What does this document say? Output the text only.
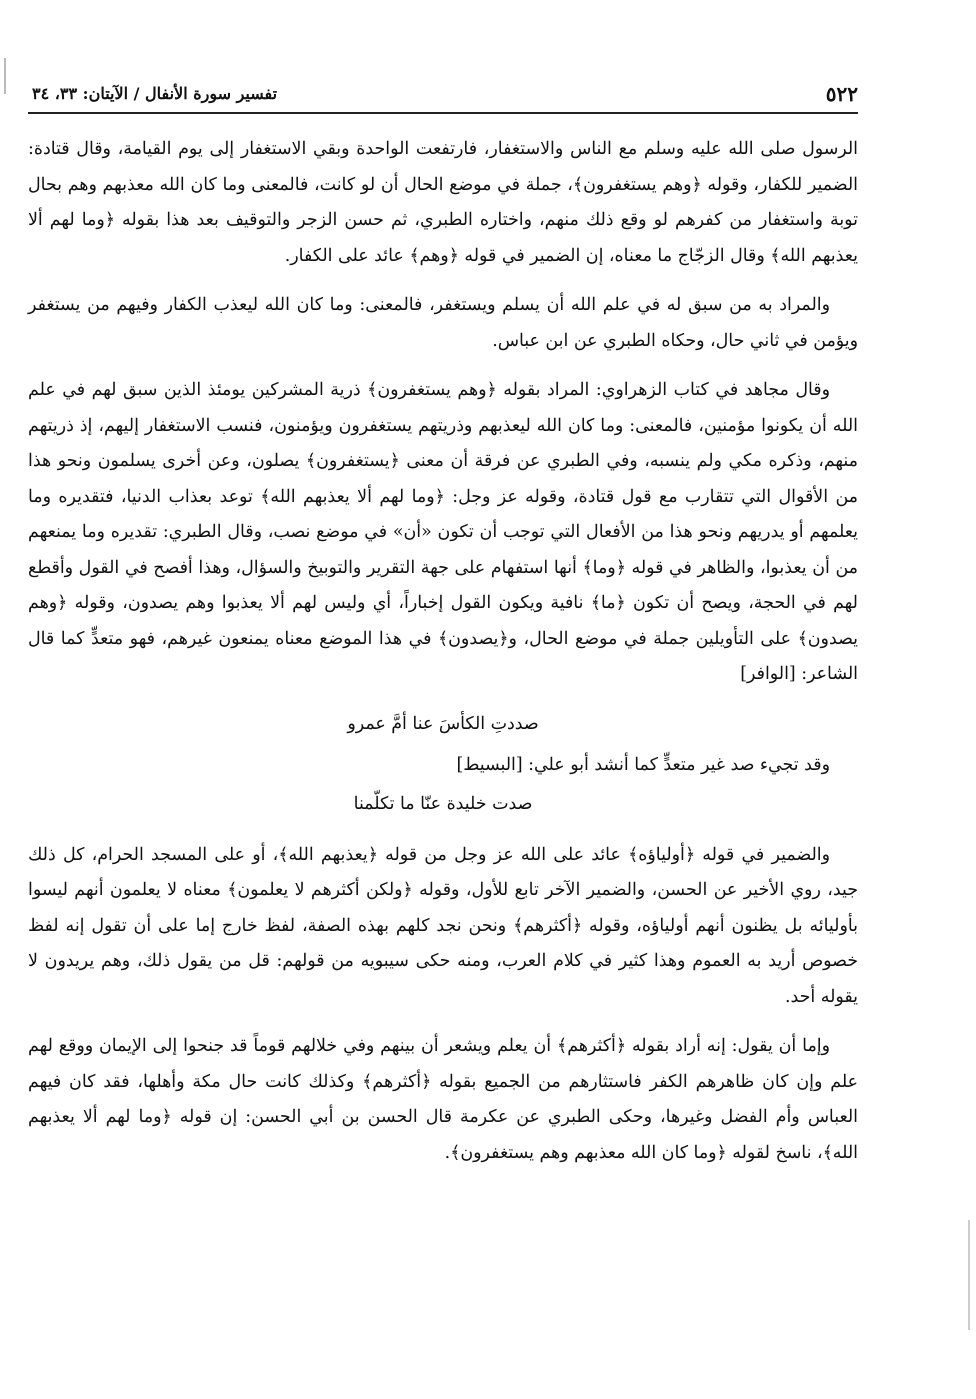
٥٢٢
تفسير سورة الأنفال / الآيتان: ٣٣، ٣٤

الرسول صلى الله عليه وسلم مع الناس والاستغفار، فارتفعت الواحدة وبقي الاستغفار إلى يوم القيامة، وقال قتادة: الضمير للكفار، وقوله ﴿وهم يستغفرون﴾، جملة في موضع الحال أن لو كانت، فالمعنى وما كان الله معذبهم وهم بحال توبة واستغفار من كفرهم لو وقع ذلك منهم، واختاره الطبري، ثم حسن الزجر والتوقيف بعد هذا بقوله ﴿وما لهم ألا يعذبهم الله﴾ وقال الزجّاج ما معناه، إن الضمير في قوله ﴿وهم﴾ عائد على الكفار.

والمراد به من سبق له في علم الله أن يسلم ويستغفر، فالمعنى: وما كان الله ليعذب الكفار وفيهم من يستغفر ويؤمن في ثاني حال، وحكاه الطبري عن ابن عباس.

وقال مجاهد في كتاب الزهراوي: المراد بقوله ﴿وهم يستغفرون﴾ ذرية المشركين يومئذ الذين سبق لهم في علم الله أن يكونوا مؤمنين، فالمعنى: وما كان الله ليعذبهم وذريتهم يستغفرون ويؤمنون، فنسب الاستغفار إليهم، إذ ذريتهم منهم، وذكره مكي ولم ينسبه، وفي الطبري عن فرقة أن معنى ﴿يستغفرون﴾ يصلون، وعن أخرى يسلمون ونحو هذا من الأقوال التي تتقارب مع قول قتادة، وقوله عز وجل: ﴿وما لهم ألا يعذبهم الله﴾ توعد بعذاب الدنيا، فتقديره وما يعلمهم أو يدريهم ونحو هذا من الأفعال التي توجب أن تكون «أن» في موضع نصب، وقال الطبري: تقديره وما يمنعهم من أن يعذبوا، والظاهر في قوله ﴿وما﴾ أنها استفهام على جهة التقرير والتوبيخ والسؤال، وهذا أفصح في القول وأقطع لهم في الحجة، ويصح أن تكون ﴿ما﴾ نافية ويكون القول إخباراً، أي وليس لهم ألا يعذبوا وهم يصدون، وقوله ﴿وهم يصدون﴾ على التأويلين جملة في موضع الحال، و﴿يصدون﴾ في هذا الموضع معناه يمنعون غيرهم، فهو متعدٍّ كما قال الشاعر: [الوافر]

صددتِ الكأسَ عنا أمَّ عمرو
وقد تجيء صد غير متعدٍّ كما أنشد أبو علي: [البسيط]
صدت خليدة عنّا ما تكلّمنا

والضمير في قوله ﴿أولياؤه﴾ عائد على الله عز وجل من قوله ﴿يعذبهم الله﴾، أو على المسجد الحرام، كل ذلك جيد، روي الأخير عن الحسن، والضمير الآخر تابع للأول، وقوله ﴿ولكن أكثرهم لا يعلمون﴾ معناه لا يعلمون أنهم ليسوا بأوليائه بل يظنون أنهم أولياؤه، وقوله ﴿أكثرهم﴾ ونحن نجد كلهم بهذه الصفة، لفظ خارج إما على أن تقول إنه لفظ خصوص أريد به العموم وهذا كثير في كلام العرب، ومنه حكى سيبويه من قولهم: قل من يقول ذلك، وهم يريدون لا يقوله أحد.

وإما أن يقول: إنه أراد بقوله ﴿أكثرهم﴾ أن يعلم ويشعر أن بينهم وفي خلالهم قوماً قد جنحوا إلى الإيمان ووقع لهم علم وإن كان ظاهرهم الكفر فاستثارهم من الجميع بقوله ﴿أكثرهم﴾ وكذلك كانت حال مكة وأهلها، فقد كان فيهم العباس وأم الفضل وغيرها، وحكى الطبري عن عكرمة قال الحسن بن أبي الحسن: إن قوله ﴿وما لهم ألا يعذبهم الله﴾، ناسخ لقوله ﴿وما كان الله معذبهم وهم يستغفرون﴾.
